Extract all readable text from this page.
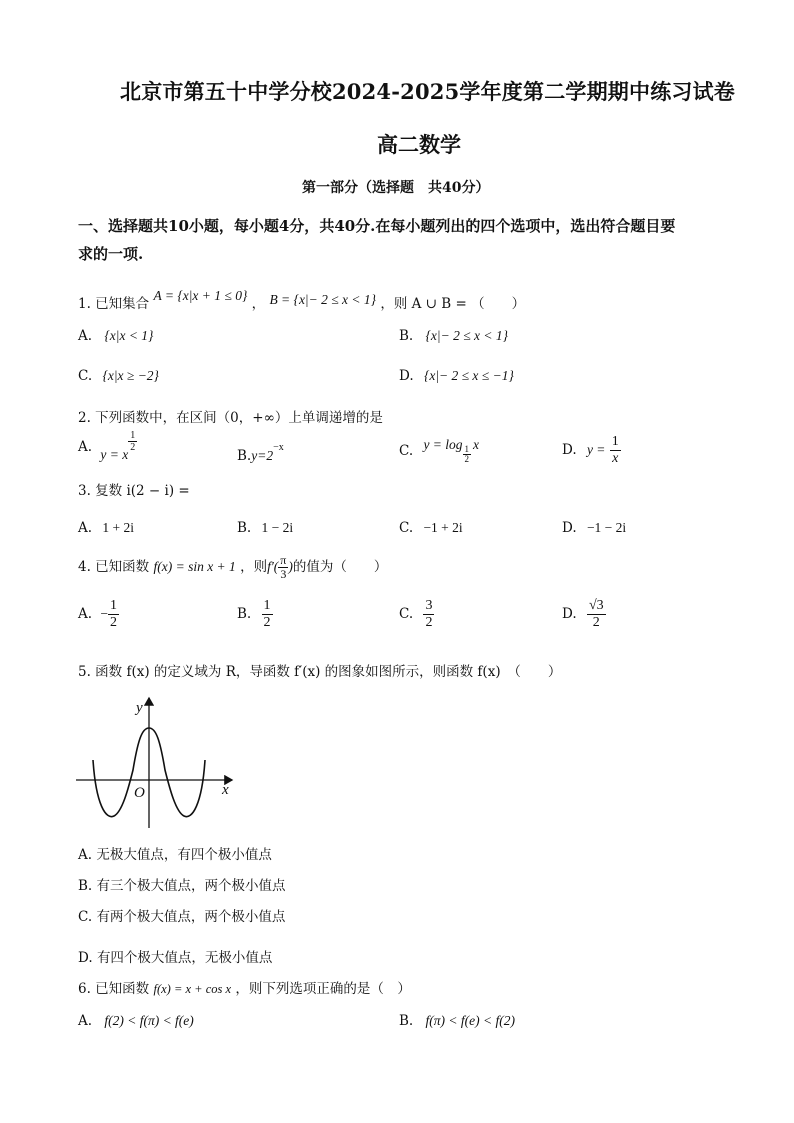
北京市第五十中学分校2024-2025学年度第二学期期中练习试卷
高二数学
第一部分（选择题　共40分）
一、选择题共10小题，每小题4分，共40分.在每小题列出的四个选项中，选出符合题目要
求的一项.
1. 已知集合 A = {x|x + 1 ≤ 0} ， B = {x|− 2 ≤ x < 1} ，则 A ∪ B = （　　）
A. {x|x < 1}	B. {x|− 2 ≤ x < 1}
C. {x|x ≥ −2}	D. {x|− 2 ≤ x ≤ −1}
2. 下列函数中，在区间（0，+∞）上单调递增的是
A. y = x
$\frac{1}{2}$
$B.y=2^{-x}$	C. y = log
$\frac{1}{2}$
x	D. $y = \frac{1}{x}$
3. 复数 i(2 − i) =
A. 1 + 2i	B. 1 − 2i	C. −1 + 2i	D. −1 − 2i
4. 已知函数 f(x) = sin x + 1 ，则$f'( \frac{\pi}{3}$ )的值为（　　）
A. − $\frac{1}{2}$	B. $\frac{1}{2}$	C. $\frac{3}{2}$	D. $\frac{√3}{2}$
5. 函数 f(x) 的定义域为 R，导函数 f′(x) 的图象如图所示，则函数 f(x)　（　　）
y
x
O
A. 无极大值点，有四个极小值点
B. 有三个极大值点，两个极小值点
C. 有两个极大值点，两个极小值点
D. 有四个极大值点，无极小值点
6. 已知函数 f(x) = x + cos x ，则下列选项正确的是（　）
A. f(2) < f(π) < f(e)	B. f(π) < f(e) < f(2)
